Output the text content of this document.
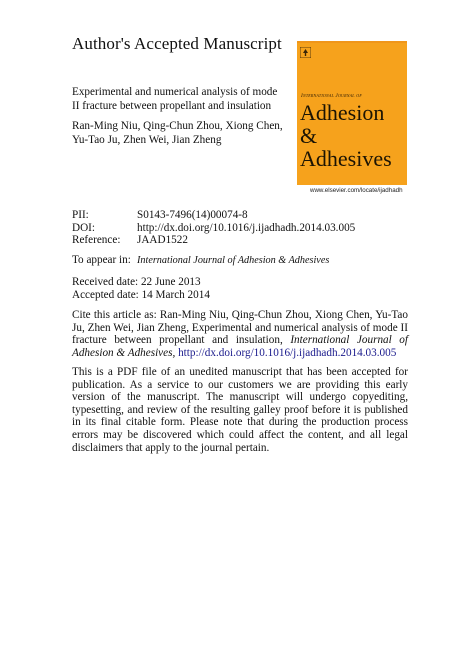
Author's Accepted Manuscript
Experimental and numerical analysis of mode II fracture between propellant and insulation
Ran-Ming Niu, Qing-Chun Zhou, Xiong Chen, Yu-Tao Ju, Zhen Wei, Jian Zheng
International Journal of
Adhesion &
Adhesives
www.elsevier.com/locate/ijadhadh
PII:	S0143-7496(14)00074-8
DOI:	http://dx.doi.org/10.1016/j.ijadhadh.2014.03.005
Reference:	JAAD1522
To appear in: International Journal of Adhesion & Adhesives
Received date: 22 June 2013
Accepted date: 14 March 2014
Cite this article as: Ran-Ming Niu, Qing-Chun Zhou, Xiong Chen, Yu-Tao Ju, Zhen Wei, Jian Zheng, Experimental and numerical analysis of mode II fracture between propellant and insulation, International Journal of Adhesion & Adhesives, http://dx.doi.org/10.1016/j.ijadhadh.2014.03.005
This is a PDF file of an unedited manuscript that has been accepted for publication. As a service to our customers we are providing this early version of the manuscript. The manuscript will undergo copyediting, typesetting, and review of the resulting galley proof before it is published in its final citable form. Please note that during the production process errors may be discovered which could affect the content, and all legal disclaimers that apply to the journal pertain.
